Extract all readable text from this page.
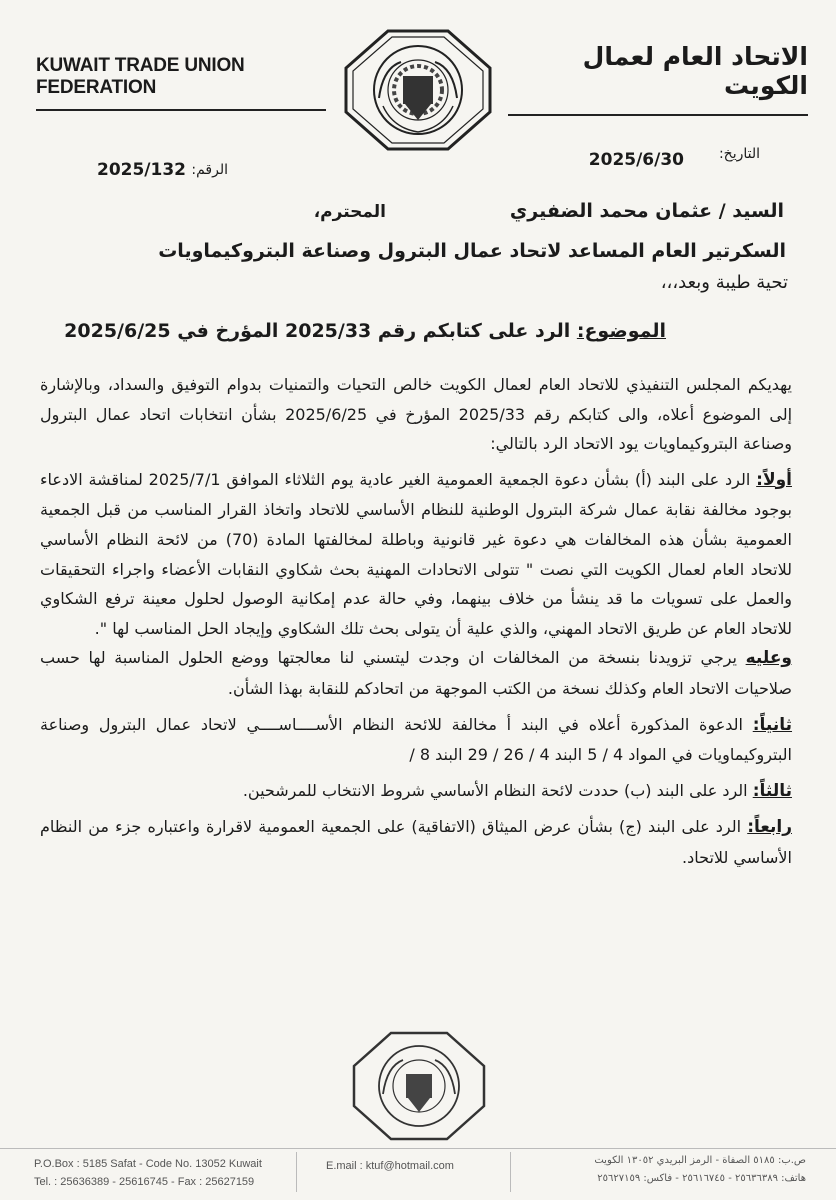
KUWAIT TRADE UNION FEDERATION
الاتحاد العام لعمال الكويت
التاريخ:
2025/6/30
الرقم:
2025/132
السيد / عثمان محمد الضفيري
المحترم،
السكرتير العام المساعد لاتحاد عمال البترول وصناعة البتروكيماويات
تحية طيبة وبعد،،،
الموضوع: الرد على كتابكم رقم 2025/33 المؤرخ في 2025/6/25

يهديكم المجلس التنفيذي للاتحاد العام لعمال الكويت خالص التحيات والتمنيات بدوام التوفيق والسداد، وبالإشارة إلى الموضوع أعلاه، والى كتابكم رقم 2025/33 المؤرخ في 2025/6/25 بشأن انتخابات اتحاد عمال البترول وصناعة البتروكيماويات يود الاتحاد الرد بالتالي:

أولاً: الرد على البند (أ) بشأن دعوة الجمعية العمومية الغير عادية يوم الثلاثاء الموافق 2025/7/1 لمناقشة الادعاء بوجود مخالفة نقابة عمال شركة البترول الوطنية للنظام الأساسي للاتحاد واتخاذ القرار المناسب من قبل الجمعية العمومية بشأن هذه المخالفات هي دعوة غير قانونية وباطلة لمخالفتها المادة (70) من لائحة النظام الأساسي للاتحاد العام لعمال الكويت التي نصت " تتولى الاتحادات المهنية بحث شكاوي النقابات الأعضاء واجراء التحقيقات والعمل على تسويات ما قد ينشأ من خلاف بينهما، وفي حالة عدم إمكانية الوصول لحلول معينة ترفع الشكاوي للاتحاد العام عن طريق الاتحاد المهني، والذي علية أن يتولى بحث تلك الشكاوي وإيجاد الحل المناسب لها ".

وعليه يرجي تزويدنا بنسخة من المخالفات ان وجدت ليتسني لنا معالجتها ووضع الحلول المناسبة لها حسب صلاحيات الاتحاد العام وكذلك نسخة من الكتب الموجهة من اتحادكم للنقابة بهذا الشأن.

ثانياً: الدعوة المذكورة أعلاه في البند أ مخالفة للائحة النظام الأســــاســــي لاتحاد عمال البترول وصناعة البتروكيماويات في المواد 4 / 5 البند 4 / 26 / 29 البند 8 /

ثالثاً: الرد على البند (ب) حددت لائحة النظام الأساسي شروط الانتخاب للمرشحين.

رابعاً: الرد على البند (ج) بشأن عرض الميثاق (الاتفاقية) على الجمعية العمومية لاقرارة واعتباره جزء من النظام الأساسي للاتحاد.

P.O.Box : 5185 Safat - Code No. 13052 Kuwait
Tel. : 25636389 - 25616745 - Fax : 25627159
E.mail : ktuf@hotmail.com	ص.ب: ٥١٨٥ الصفاة - الرمز البريدي ١٣٠٥٢ الكويت
هاتف: ٢٥٦٣٦٣٨٩ - ٢٥٦١٦٧٤٥ - فاكس: ٢٥٦٢٧١٥٩
